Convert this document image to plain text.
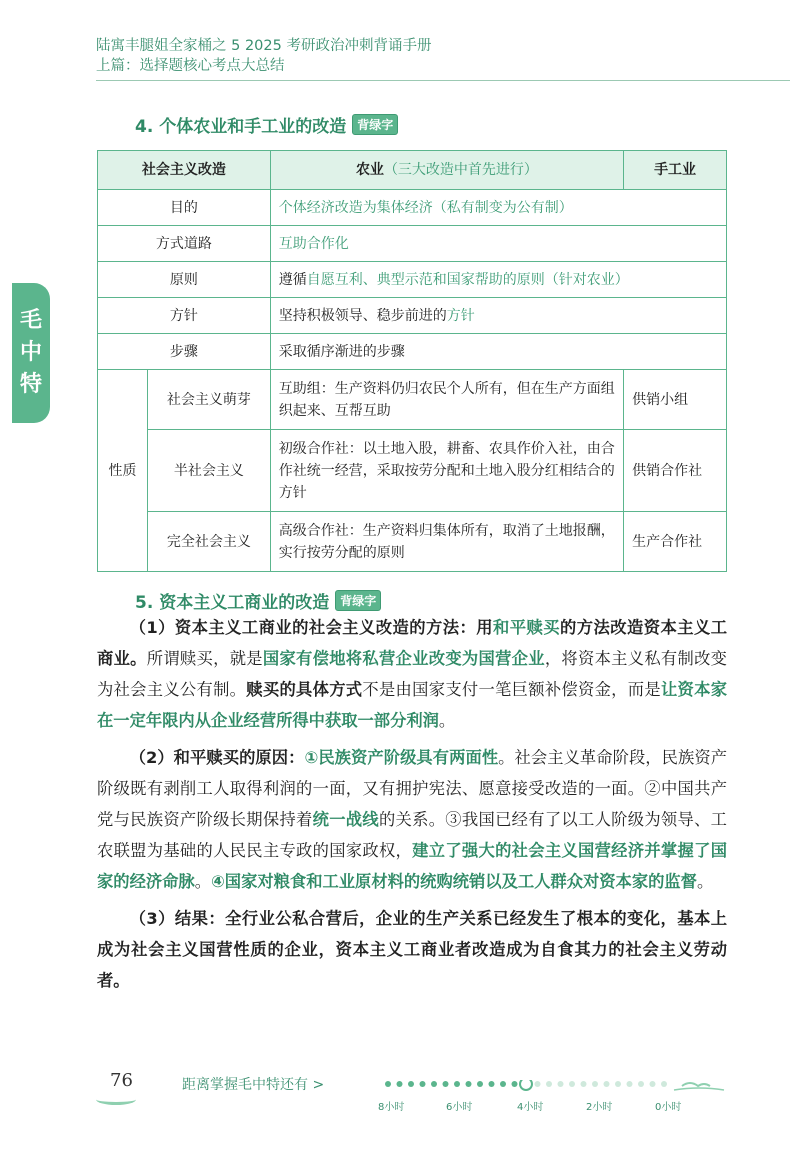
陆寓丰腿姐全家桶之 5 2025 考研政治冲刺背诵手册
上篇：选择题核心考点大总结
毛
中
特
4. 个体农业和手工业的改造 背绿字
社会主义改造		农业（三大改造中首先进行）	手工业
目的		个体经济改造为集体经济（私有制变为公有制）	
方式道路		互助合作化	
原则		遵循自愿互利、典型示范和国家帮助的原则（针对农业）	
方针		坚持积极领导、稳步前进的方针	
步骤		采取循序渐进的步骤	
性质	社会主义萌芽	互助组：生产资料仍归农民个人所有，但在生产方面组织起来、互帮互助	供销小组
	半社会主义	初级合作社：以土地入股，耕畜、农具作价入社，由合作社统一经营，采取按劳分配和土地入股分红相结合的方针	供销合作社
	完全社会主义	高级合作社：生产资料归集体所有，取消了土地报酬，实行按劳分配的原则	生产合作社
5. 资本主义工商业的改造 背绿字

（1）资本主义工商业的社会主义改造的方法：用和平赎买的方法改造资本主义工商业。所谓赎买，就是国家有偿地将私营企业改变为国营企业，将资本主义私有制改变为社会主义公有制。赎买的具体方式不是由国家支付一笔巨额补偿资金，而是让资本家在一定年限内从企业经营所得中获取一部分利润。

（2）和平赎买的原因：①民族资产阶级具有两面性。社会主义革命阶段，民族资产阶级既有剥削工人取得利润的一面，又有拥护宪法、愿意接受改造的一面。②中国共产党与民族资产阶级长期保持着统一战线的关系。③我国已经有了以工人阶级为领导、工农联盟为基础的人民民主专政的国家政权，建立了强大的社会主义国营经济并掌握了国家的经济命脉。④国家对粮食和工业原材料的统购统销以及工人群众对资本家的监督。

（3）结果：全行业公私合营后，企业的生产关系已经发生了根本的变化，基本上成为社会主义国营性质的企业，资本主义工商业者改造成为自食其力的社会主义劳动者。

76	距离掌握毛中特还有 >
8小时	6小时	4小时	2小时	0小时
